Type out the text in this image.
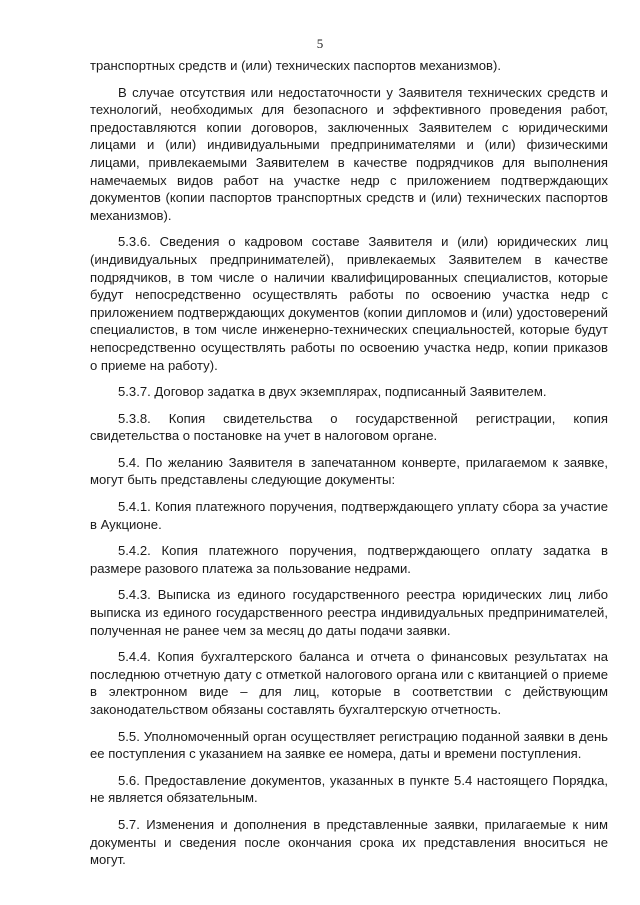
5

транспортных средств и (или) технических паспортов механизмов).

В случае отсутствия или недостаточности у Заявителя технических средств и технологий, необходимых для безопасного и эффективного проведения работ, предоставляются копии договоров, заключенных Заявителем с юридическими лицами и (или) индивидуальными предпринимателями и (или) физическими лицами, привлекаемыми Заявителем в качестве подрядчиков для выполнения намечаемых видов работ на участке недр с приложением подтверждающих документов (копии паспортов транспортных средств и (или) технических паспортов механизмов).

5.3.6. Сведения о кадровом составе Заявителя и (или) юридических лиц (индивидуальных предпринимателей), привлекаемых Заявителем в качестве подрядчиков, в том числе о наличии квалифицированных специалистов, которые будут непосредственно осуществлять работы по освоению участка недр с приложением подтверждающих документов (копии дипломов и (или) удостоверений специалистов, в том числе инженерно-технических специальностей, которые будут непосредственно осуществлять работы по освоению участка недр, копии приказов о приеме на работу).

5.3.7. Договор задатка в двух экземплярах, подписанный Заявителем.

5.3.8. Копия свидетельства о государственной регистрации, копия свидетельства о постановке на учет в налоговом органе.

5.4. По желанию Заявителя в запечатанном конверте, прилагаемом к заявке, могут быть представлены следующие документы:

5.4.1. Копия платежного поручения, подтверждающего уплату сбора за участие в Аукционе.

5.4.2. Копия платежного поручения, подтверждающего оплату задатка в размере разового платежа за пользование недрами.

5.4.3. Выписка из единого государственного реестра юридических лиц либо выписка из единого государственного реестра индивидуальных предпринимателей, полученная не ранее чем за месяц до даты подачи заявки.

5.4.4. Копия бухгалтерского баланса и отчета о финансовых результатах на последнюю отчетную дату с отметкой налогового органа или с квитанцией о приеме в электронном виде – для лиц, которые в соответствии с действующим законодательством обязаны составлять бухгалтерскую отчетность.

5.5. Уполномоченный орган осуществляет регистрацию поданной заявки в день ее поступления с указанием на заявке ее номера, даты и времени поступления.

5.6. Предоставление документов, указанных в пункте 5.4 настоящего Порядка, не является обязательным.

5.7. Изменения и дополнения в представленные заявки, прилагаемые к ним документы и сведения после окончания срока их представления вноситься не могут.
